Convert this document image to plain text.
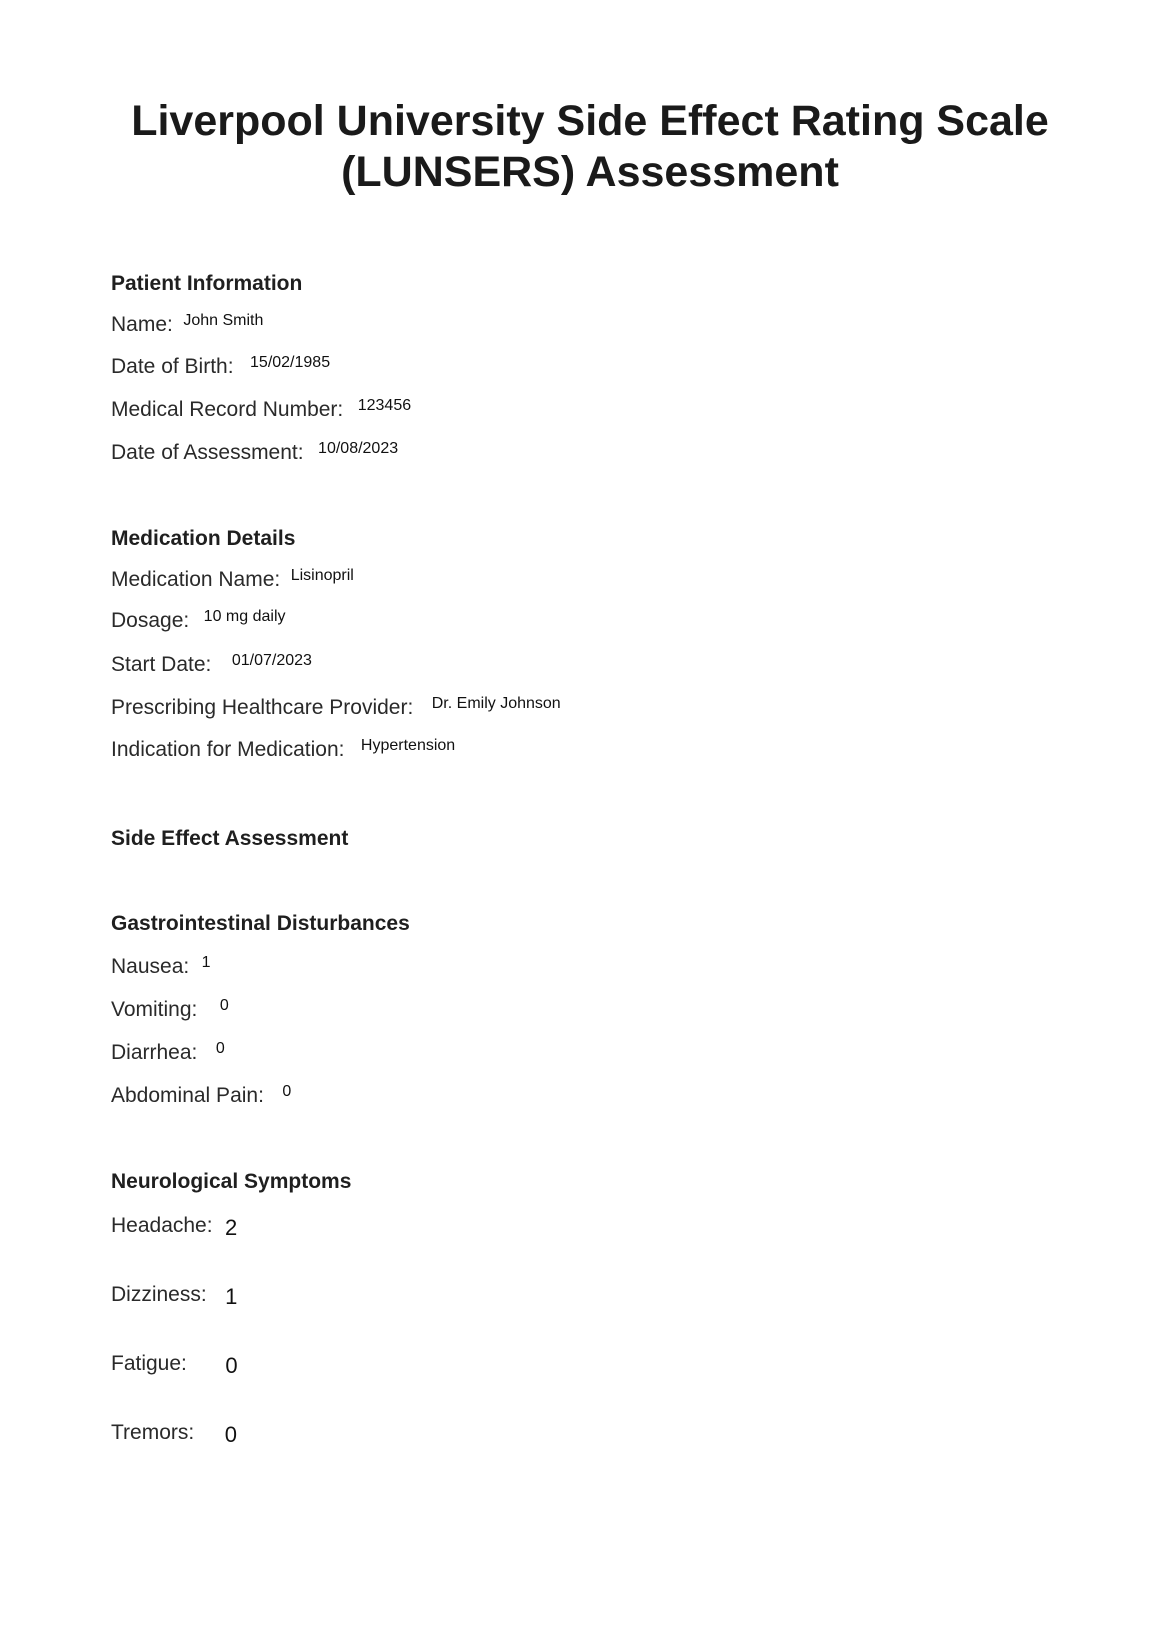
Liverpool University Side Effect Rating Scale (LUNSERS) Assessment
Patient Information
Name: John Smith
Date of Birth: 15/02/1985
Medical Record Number: 123456
Date of Assessment: 10/08/2023
Medication Details
Medication Name: Lisinopril
Dosage: 10 mg daily
Start Date: 01/07/2023
Prescribing Healthcare Provider: Dr. Emily Johnson
Indication for Medication: Hypertension
Side Effect Assessment
Gastrointestinal Disturbances
Nausea: 1
Vomiting: 0
Diarrhea: 0
Abdominal Pain: 0
Neurological Symptoms
Headache: 2
Dizziness: 1
Fatigue: 0
Tremors: 0
